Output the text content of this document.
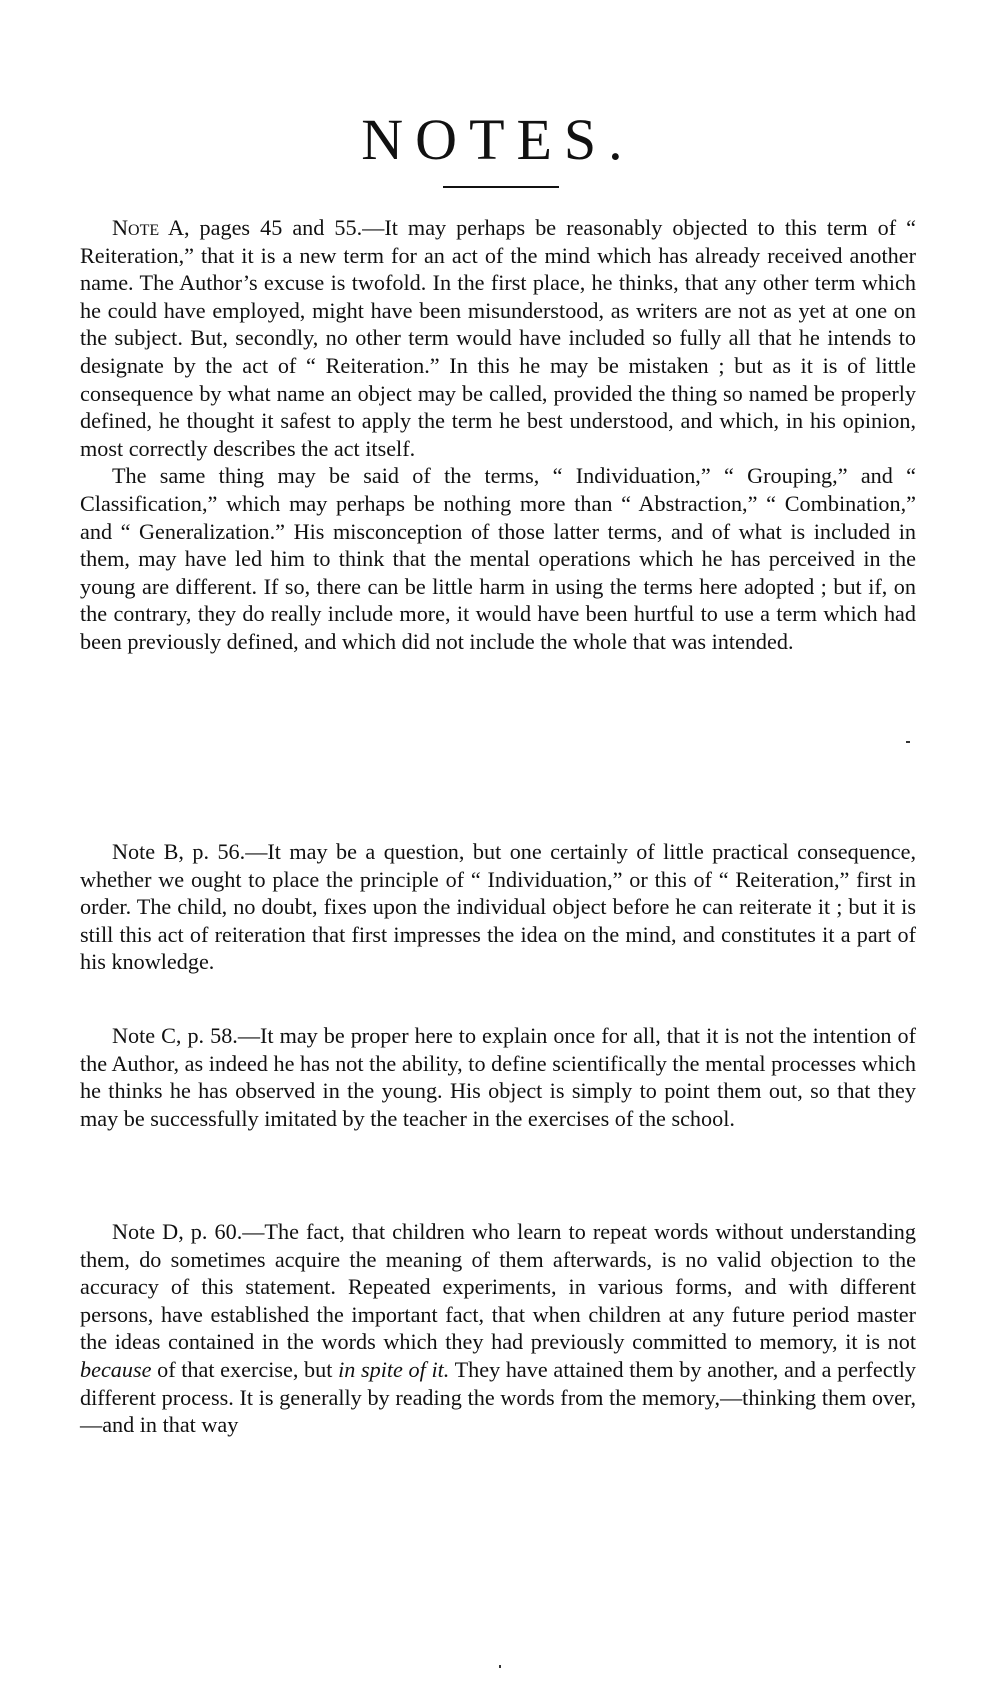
NOTES.

Note A, pages 45 and 55.—It may perhaps be reasonably objected to this term of “ Reiteration,” that it is a new term for an act of the mind which has already received another name. The Author’s excuse is twofold. In the first place, he thinks, that any other term which he could have employed, might have been misunderstood, as writers are not as yet at one on the subject. But, secondly, no other term would have included so fully all that he intends to designate by the act of “ Reiteration.” In this he may be mistaken ; but as it is of little consequence by what name an object may be called, provided the thing so named be properly defined, he thought it safest to apply the term he best understood, and which, in his opinion, most correctly describes the act itself.

The same thing may be said of the terms, “ Individuation,” “ Grouping,” and “ Classification,” which may perhaps be nothing more than “ Abstraction,” “ Combination,” and “ Generalization.” His misconception of those latter terms, and of what is included in them, may have led him to think that the mental operations which he has perceived in the young are different. If so, there can be little harm in using the terms here adopted ; but if, on the contrary, they do really include more, it would have been hurtful to use a term which had been previously defined, and which did not include the whole that was intended.

Note B, p. 56.—It may be a question, but one certainly of little practical consequence, whether we ought to place the principle of “ Individuation,” or this of “ Reiteration,” first in order. The child, no doubt, fixes upon the individual object before he can reiterate it ; but it is still this act of reiteration that first impresses the idea on the mind, and constitutes it a part of his knowledge.

Note C, p. 58.—It may be proper here to explain once for all, that it is not the intention of the Author, as indeed he has not the ability, to define scientifically the mental processes which he thinks he has observed in the young. His object is simply to point them out, so that they may be successfully imitated by the teacher in the exercises of the school.

Note D, p. 60.—The fact, that children who learn to repeat words without understanding them, do sometimes acquire the meaning of them afterwards, is no valid objection to the accuracy of this statement. Repeated experiments, in various forms, and with different persons, have established the important fact, that when children at any future period master the ideas contained in the words which they had previously committed to memory, it is not because of that exercise, but in spite of it. They have attained them by another, and a perfectly different process. It is generally by reading the words from the memory,—thinking them over,—and in that way
